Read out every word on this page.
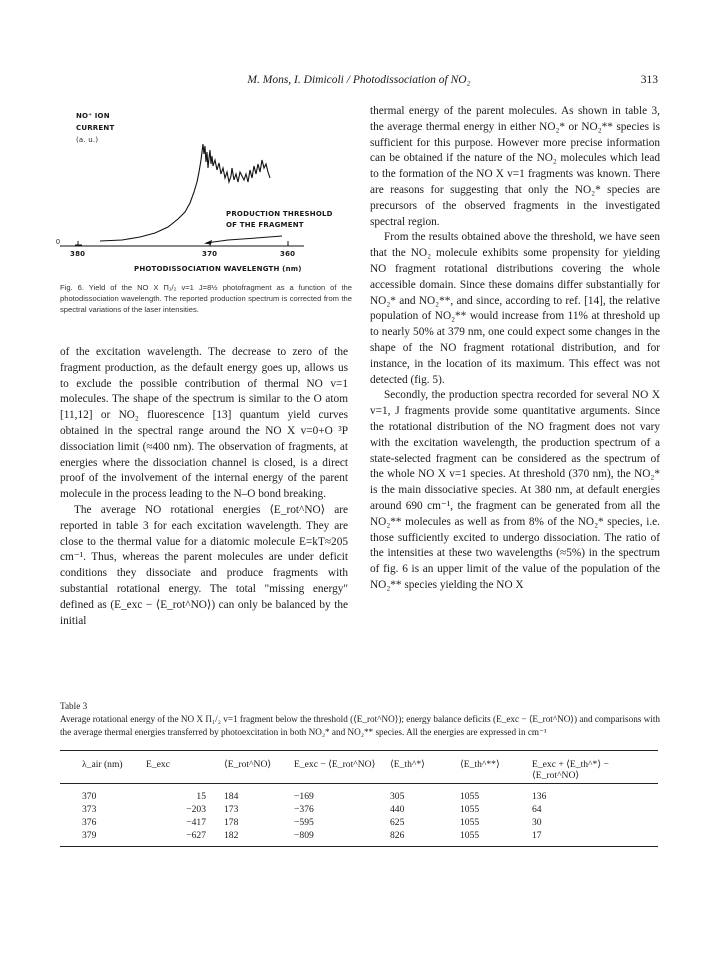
M. Mons, I. Dimicoli / Photodissociation of NO₂	313
NO⁺ ION
CURRENT
(a. u.)
PRODUCTION THRESHOLD
OF THE FRAGMENT
0
380	370	360
PHOTODISSOCIATION WAVELENGTH (nm)
Fig. 6. Yield of the NO X Π₁/₂ v=1 J=8½ photofragment as a function of the photodissociation wavelength. The reported production spectrum is corrected from the spectral variations of the laser intensities.

of the excitation wavelength. The decrease to zero of the fragment production, as the default energy goes up, allows us to exclude the possible contribution of thermal NO v=1 molecules. The shape of the spectrum is similar to the O atom [11,12] or NO₂ fluorescence [13] quantum yield curves obtained in the spectral range around the NO X v=0+O ³P dissociation limit (≈400 nm). The observation of fragments, at energies where the dissociation channel is closed, is a direct proof of the involvement of the internal energy of the parent molecule in the process leading to the N–O bond breaking.

The average NO rotational energies ⟨E_rot^NO⟩ are reported in table 3 for each excitation wavelength. They are close to the thermal value for a diatomic molecule E=kT≈205 cm⁻¹. Thus, whereas the parent molecules are under deficit conditions they dissociate and produce fragments with substantial rotational energy. The total "missing energy" defined as (E_exc − ⟨E_rot^NO⟩) can only be balanced by the initial

thermal energy of the parent molecules. As shown in table 3, the average thermal energy in either NO₂* or NO₂** species is sufficient for this purpose. However more precise information can be obtained if the nature of the NO₂ molecules which lead to the formation of the NO X v=1 fragments was known. There are reasons for suggesting that only the NO₂* species are precursors of the observed fragments in the investigated spectral region.

From the results obtained above the threshold, we have seen that the NO₂ molecule exhibits some propensity for yielding NO fragment rotational distributions covering the whole accessible domain. Since these domains differ substantially for NO₂* and NO₂**, and since, according to ref. [14], the relative population of NO₂** would increase from 11% at threshold up to nearly 50% at 379 nm, one could expect some changes in the shape of the NO fragment rotational distribution, and for instance, in the location of its maximum. This effect was not detected (fig. 5).

Secondly, the production spectra recorded for several NO X v=1, J fragments provide some quantitative arguments. Since the rotational distribution of the NO fragment does not vary with the excitation wavelength, the production spectrum of a state-selected fragment can be considered as the spectrum of the whole NO X v=1 species. At threshold (370 nm), the NO₂* is the main dissociative species. At 380 nm, at default energies around 690 cm⁻¹, the fragment can be generated from all the NO₂** molecules as well as from 8% of the NO₂* species, i.e. those sufficiently excited to undergo dissociation. The ratio of the intensities at these two wavelengths (≈5%) in the spectrum of fig. 6 is an upper limit of the value of the population of the NO₂** species yielding the NO X

Table 3
Average rotational energy of the NO X Π₁/₂ v=1 fragment below the threshold (⟨E_rot^NO⟩); energy balance deficits (E_exc − ⟨E_rot^NO⟩) and comparisons with the average thermal energies transferred by photoexcitation in both NO₂* and NO₂** species. All the energies are expressed in cm⁻¹
λ_air (nm)	E_exc	⟨E_rot^NO⟩	E_exc − ⟨E_rot^NO⟩	⟨E_th^*⟩	⟨E_th^**⟩	E_exc + ⟨E_th^*⟩ − ⟨E_rot^NO⟩
370	15	184	−169	305	1055	136
373	−203	173	−376	440	1055	64
376	−417	178	−595	625	1055	30
379	−627	182	−809	826	1055	17
